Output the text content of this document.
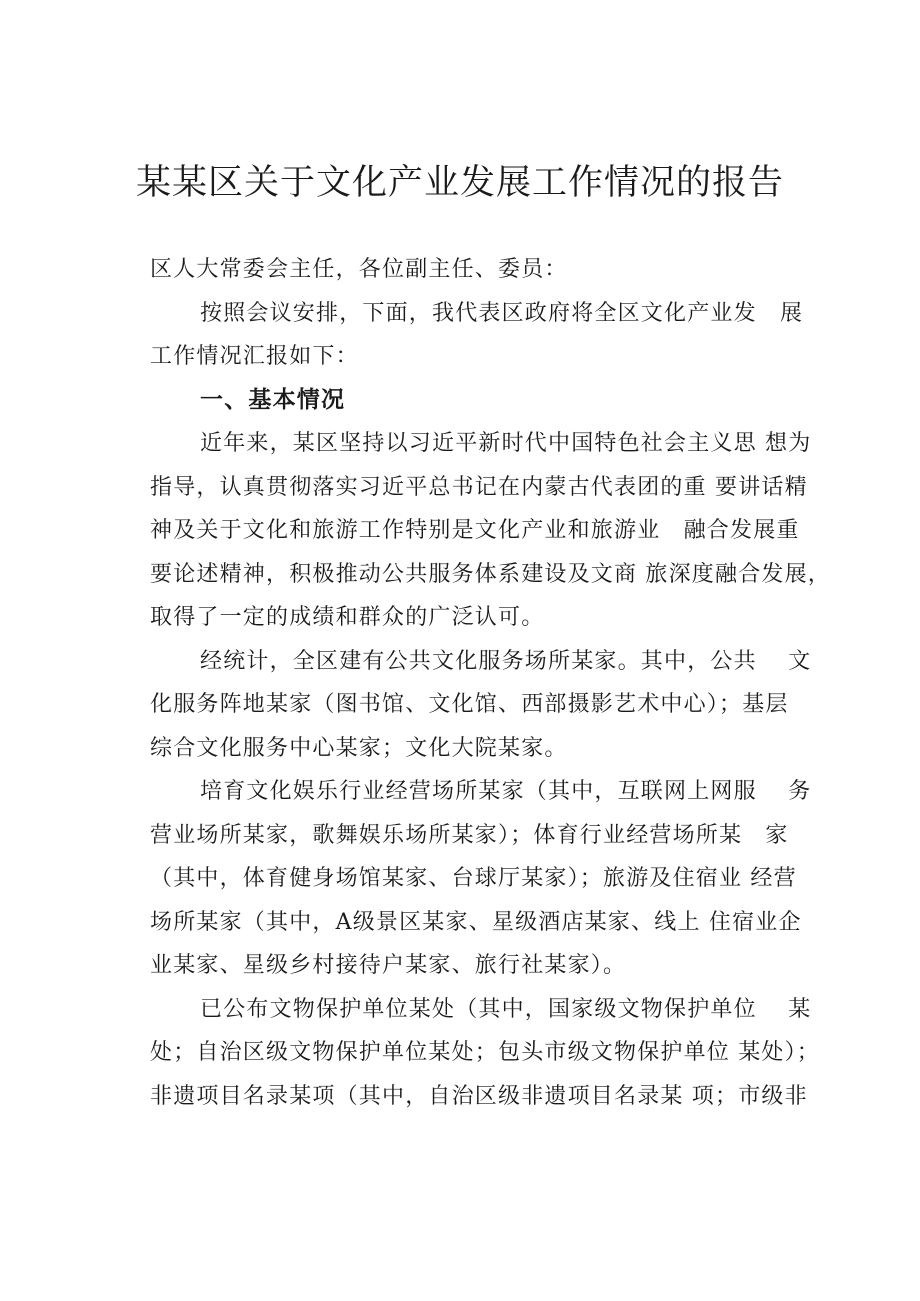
某某区关于文化产业发展工作情况的报告
区人大常委会主任，各位副主任、委员：
按照会议安排，下面，我代表区政府将全区文化产业发　展
工作情况汇报如下：
一、基本情况
近年来，某区坚持以习近平新时代中国特色社会主义思 想为
指导，认真贯彻落实习近平总书记在内蒙古代表团的重 要讲话精
神及关于文化和旅游工作特别是文化产业和旅游业　融合发展重
要论述精神，积极推动公共服务体系建设及文商 旅深度融合发展，
取得了一定的成绩和群众的广泛认可。
经统计，全区建有公共文化服务场所某家。其中，公共　 文
化服务阵地某家（图书馆、文化馆、西部摄影艺术中心）；基层
综合文化服务中心某家；文化大院某家。
培育文化娱乐行业经营场所某家（其中，互联网上网服　 务
营业场所某家，歌舞娱乐场所某家）；体育行业经营场所某　家
（其中，体育健身场馆某家、台球厅某家）；旅游及住宿业 经营
场所某家（其中，A级景区某家、星级酒店某家、线上 住宿业企
业某家、星级乡村接待户某家、旅行社某家）。
已公布文物保护单位某处（其中，国家级文物保护单位　 某
处；自治区级文物保护单位某处；包头市级文物保护单位 某处）；
非遗项目名录某项（其中，自治区级非遗项目名录某 项；市级非
